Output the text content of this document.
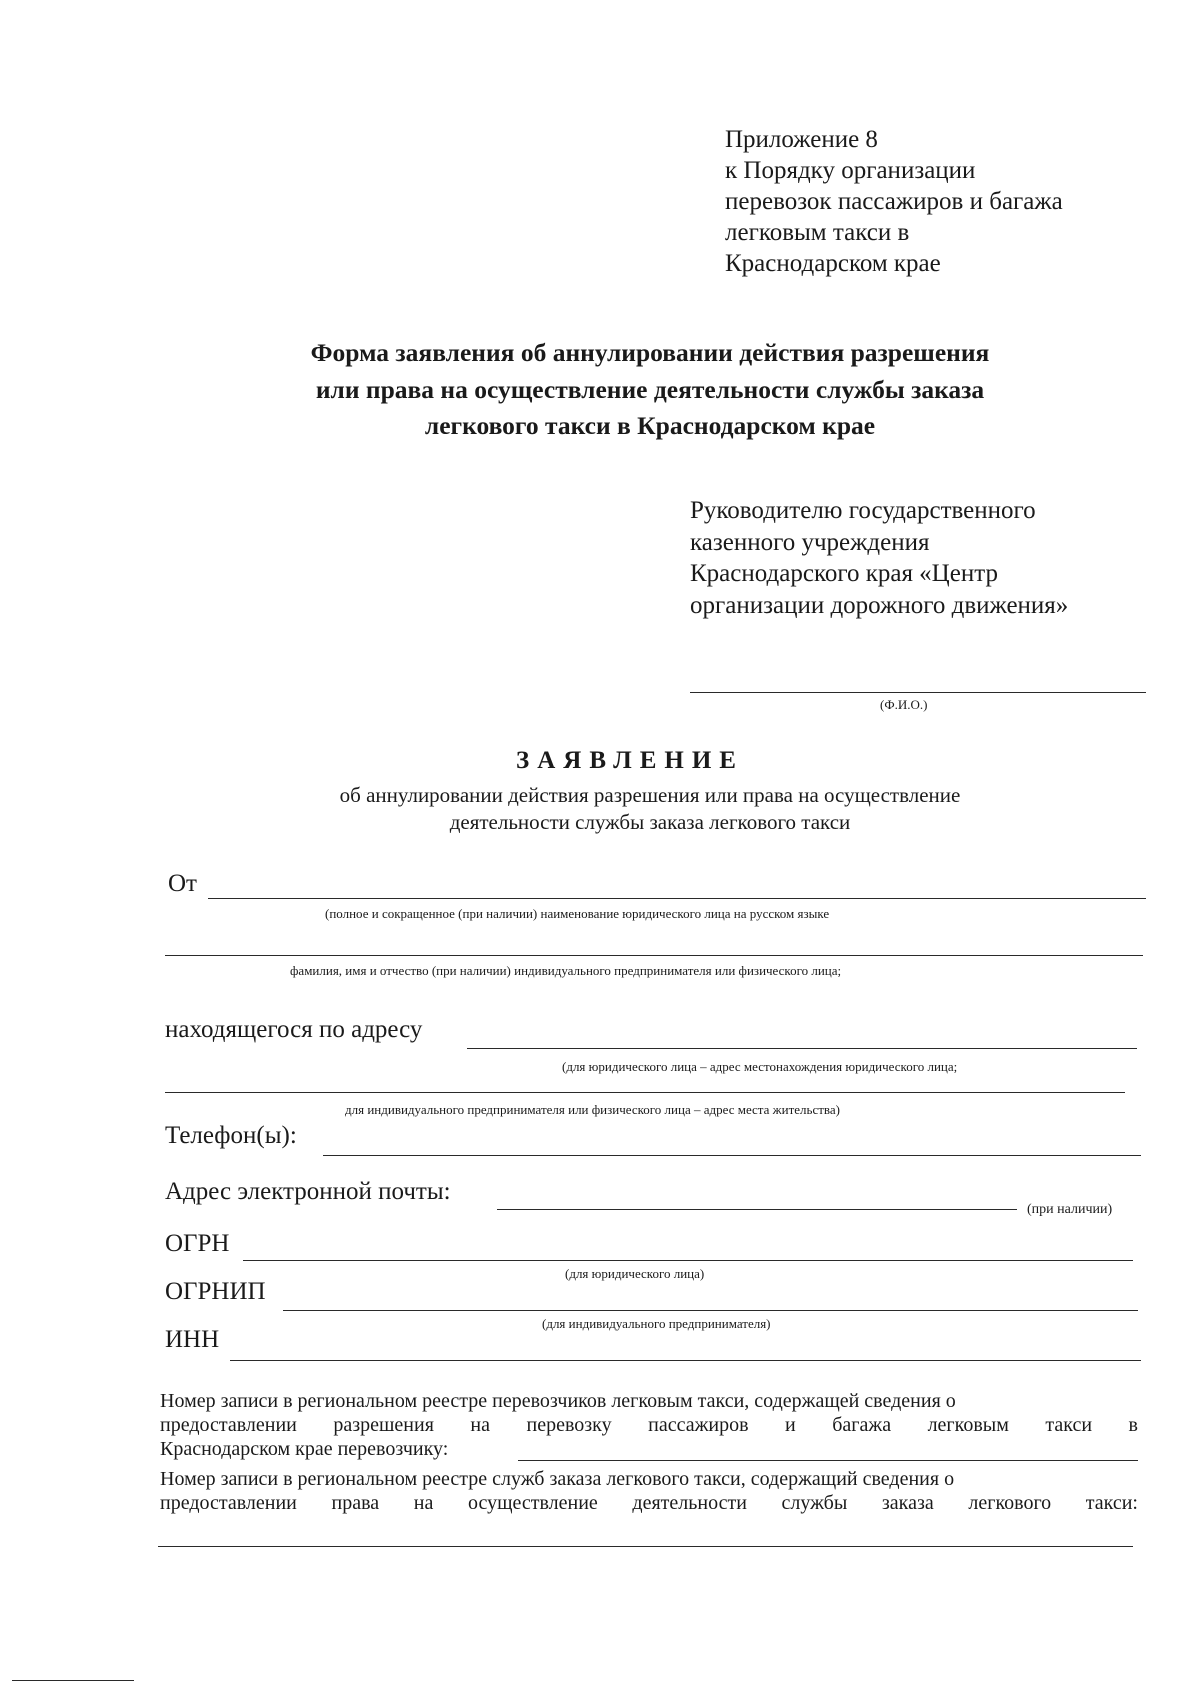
Приложение 8
к Порядку организации
перевозок пассажиров и багажа
легковым такси в
Краснодарском крае
Форма заявления об аннулировании действия разрешения
или права на осуществление деятельности службы заказа
легкового такси в Краснодарском крае
Руководителю государственного
казенного учреждения
Краснодарского края «Центр
организации дорожного движения»
(Ф.И.О.)
ЗАЯВЛЕНИЕ
об аннулировании действия разрешения или права на осуществление
деятельности службы заказа легкового такси
От
(полное и сокращенное (при наличии) наименование юридического лица на русском языке
фамилия, имя и отчество (при наличии) индивидуального предпринимателя или физического лица;
находящегося по адресу
(для юридического лица – адрес местонахождения юридического лица;
для индивидуального предпринимателя или физического лица – адрес места жительства)
Телефон(ы):
Адрес электронной почты:
(при наличии)
ОГРН
(для юридического лица)
ОГРНИП
(для индивидуального предпринимателя)
ИНН
Номер записи в региональном реестре перевозчиков легковым такси, содержащей сведения о
предоставлении разрешения на перевозку пассажиров и багажа легковым такси в
Краснодарском крае перевозчику:
Номер записи в региональном реестре служб заказа легкового такси, содержащий сведения о
предоставлении права на осуществление деятельности службы заказа легкового такси:
